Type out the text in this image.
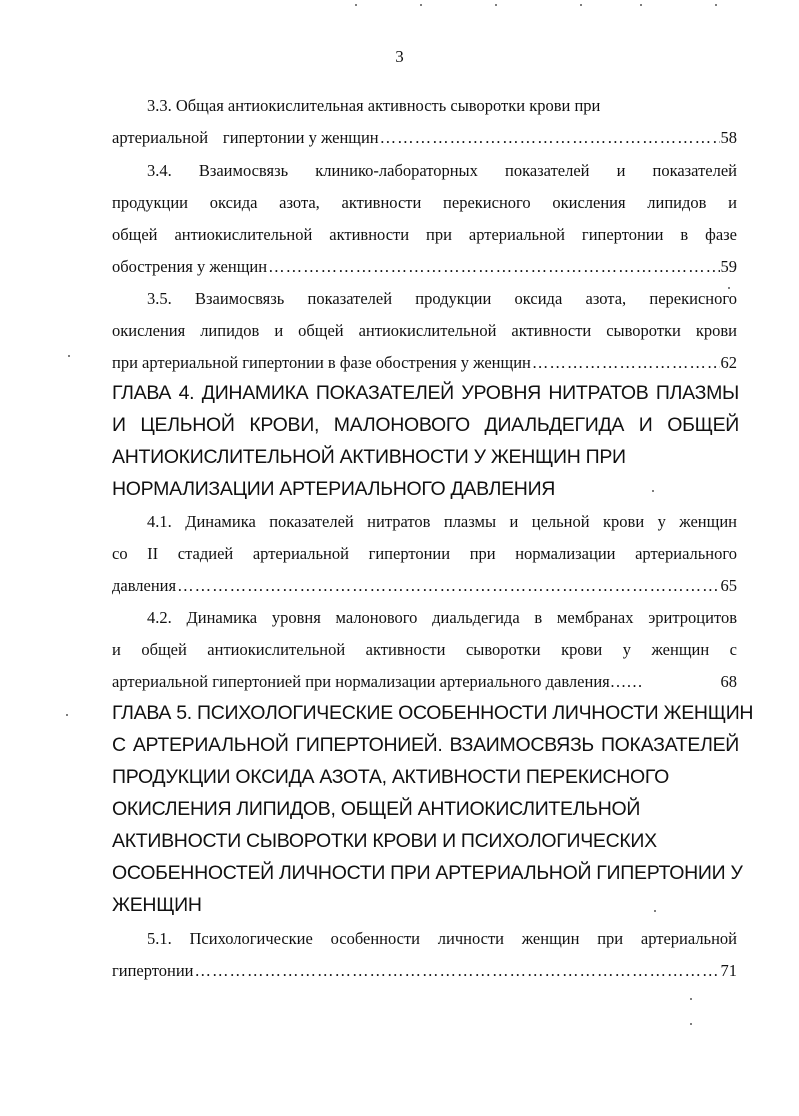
3
3.3. Общая антиокислительная активность сыворотки крови при
артериальной гипертонии у женщин ……………………………………………………………………………………………………………………………………………………………	58
3.4. Взаимосвязь клинико-лабораторных показателей и показателей
продукции оксида азота, активности перекисного окисления липидов и
общей антиокислительной активности при артериальной гипертонии в фазе
обострения у женщин ……………………………………………………………………………………………………………………………………………………………	59
3.5. Взаимосвязь показателей продукции оксида азота, перекисного
окисления липидов и общей антиокислительной активности сыворотки крови
при артериальной гипертонии в фазе обострения у женщин ……………………………………………………………………………………………………………………………………………………………	62
ГЛАВА 4. ДИНАМИКА ПОКАЗАТЕЛЕЙ УРОВНЯ НИТРАТОВ ПЛАЗМЫ
И ЦЕЛЬНОЙ КРОВИ, МАЛОНОВОГО ДИАЛЬДЕГИДА И ОБЩЕЙ
АНТИОКИСЛИТЕЛЬНОЙ АКТИВНОСТИ У ЖЕНЩИН ПРИ
НОРМАЛИЗАЦИИ АРТЕРИАЛЬНОГО ДАВЛЕНИЯ
4.1. Динамика показателей нитратов плазмы и цельной крови у женщин
со II стадией артериальной гипертонии при нормализации артериального
давления ……………………………………………………………………………………………………………………………………………………………	65
4.2. Динамика уровня малонового диальдегида в мембранах эритроцитов
и общей антиокислительной активности сыворотки крови у женщин с
артериальной гипертонией при нормализации артериального давления……	68
ГЛАВА 5. ПСИХОЛОГИЧЕСКИЕ ОСОБЕННОСТИ ЛИЧНОСТИ ЖЕНЩИН
С АРТЕРИАЛЬНОЙ ГИПЕРТОНИЕЙ. ВЗАИМОСВЯЗЬ ПОКАЗАТЕЛЕЙ
ПРОДУКЦИИ ОКСИДА АЗОТА, АКТИВНОСТИ ПЕРЕКИСНОГО
ОКИСЛЕНИЯ ЛИПИДОВ, ОБЩЕЙ АНТИОКИСЛИТЕЛЬНОЙ
АКТИВНОСТИ СЫВОРОТКИ КРОВИ И ПСИХОЛОГИЧЕСКИХ
ОСОБЕННОСТЕЙ ЛИЧНОСТИ ПРИ АРТЕРИАЛЬНОЙ ГИПЕРТОНИИ У
ЖЕНЩИН
5.1. Психологические особенности личности женщин при артериальной
гипертонии ……………………………………………………………………………………………………………………………………………………………	71
